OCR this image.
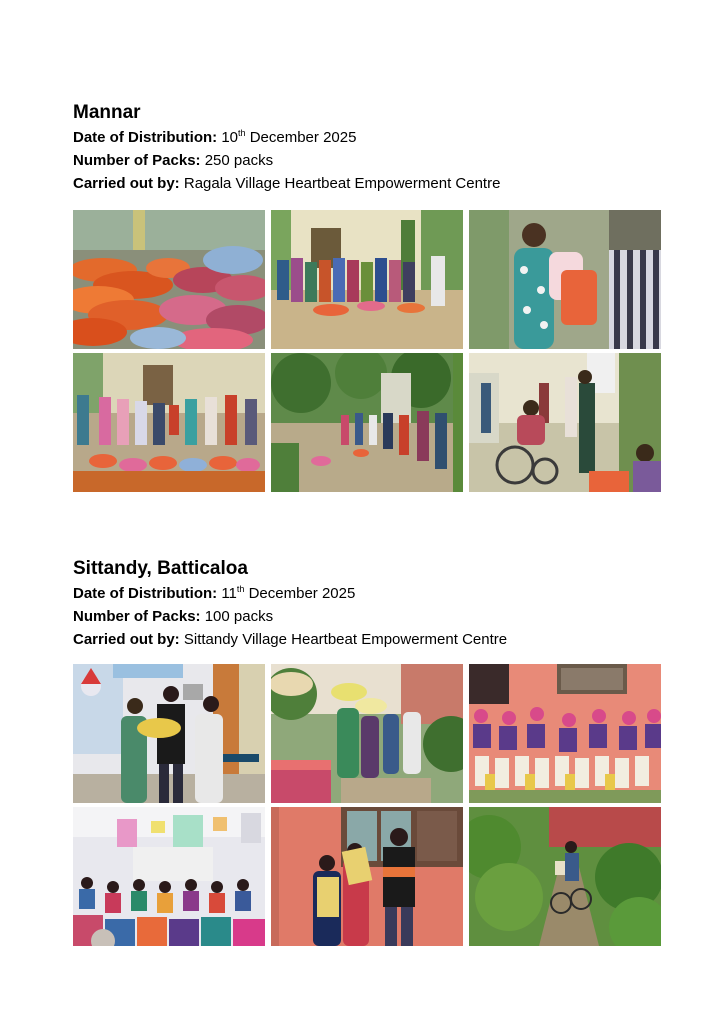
Mannar
Date of Distribution: 10th December 2025
Number of Packs: 250 packs
Carried out by: Ragala Village Heartbeat Empowerment Centre
Sittandy, Batticaloa
Date of Distribution: 11th December 2025
Number of Packs: 100 packs
Carried out by: Sittandy Village Heartbeat Empowerment Centre
